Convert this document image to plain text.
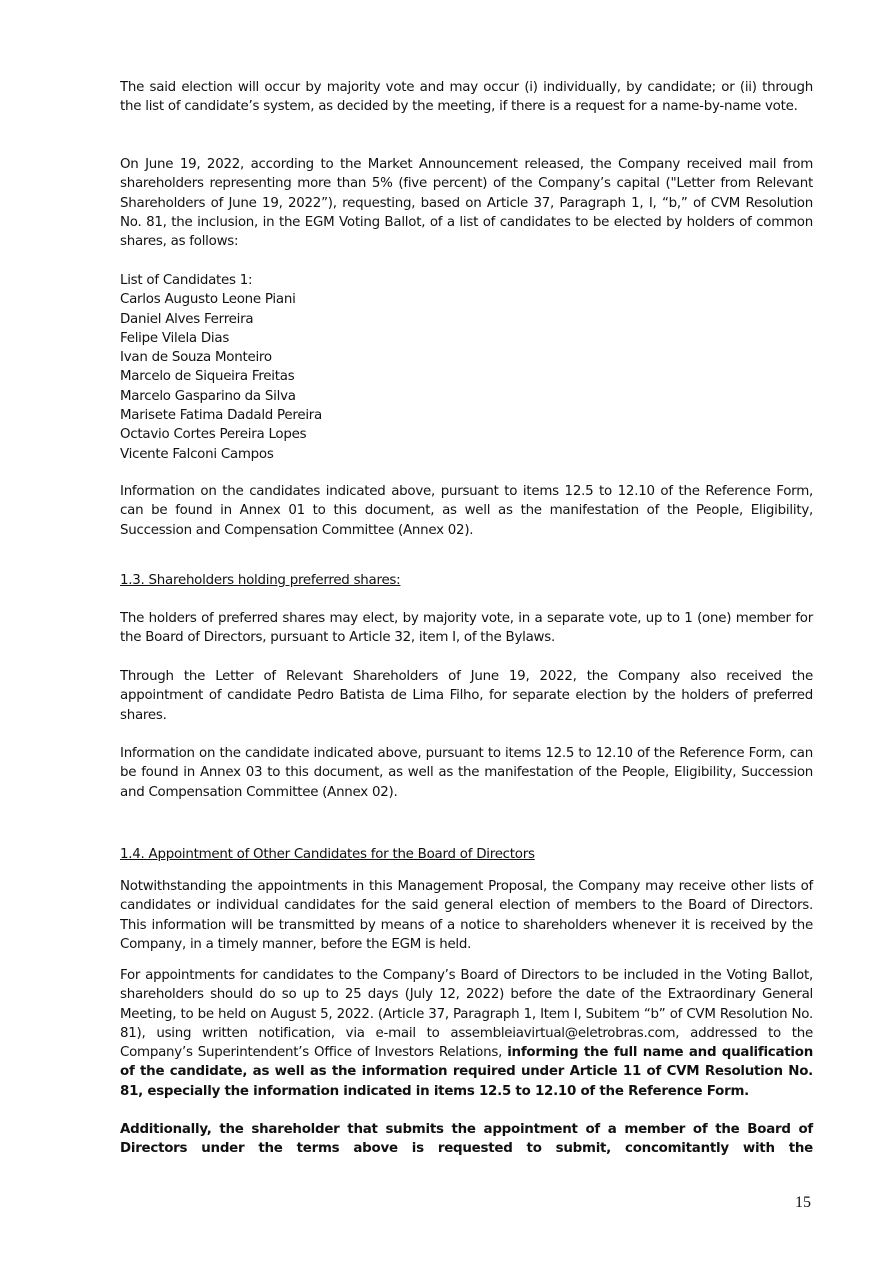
The said election will occur by majority vote and may occur (i) individually, by candidate; or (ii) through the list of candidate’s system, as decided by the meeting, if there is a request for a name-by-name vote.

On June 19, 2022, according to the Market Announcement released, the Company received mail from shareholders representing more than 5% (five percent) of the Company’s capital ("Letter from Relevant Shareholders of June 19, 2022”), requesting, based on Article 37, Paragraph 1, I, “b,” of CVM Resolution No. 81, the inclusion, in the EGM Voting Ballot, of a list of candidates to be elected by holders of common shares, as follows:

List of Candidates 1:

Carlos Augusto Leone Piani

Daniel Alves Ferreira

Felipe Vilela Dias

Ivan de Souza Monteiro

Marcelo de Siqueira Freitas

Marcelo Gasparino da Silva

Marisete Fatima Dadald Pereira

Octavio Cortes Pereira Lopes

Vicente Falconi Campos

Information on the candidates indicated above, pursuant to items 12.5 to 12.10 of the Reference Form, can be found in Annex 01 to this document, as well as the manifestation of the People, Eligibility, Succession and Compensation Committee (Annex 02).

1.3. Shareholders holding preferred shares:

The holders of preferred shares may elect, by majority vote, in a separate vote, up to 1 (one) member for the Board of Directors, pursuant to Article 32, item I, of the Bylaws.

Through the Letter of Relevant Shareholders of June 19, 2022, the Company also received the appointment of candidate Pedro Batista de Lima Filho, for separate election by the holders of preferred shares.

Information on the candidate indicated above, pursuant to items 12.5 to 12.10 of the Reference Form, can be found in Annex 03 to this document, as well as the manifestation of the People, Eligibility, Succession and Compensation Committee (Annex 02).

1.4. Appointment of Other Candidates for the Board of Directors

Notwithstanding the appointments in this Management Proposal, the Company may receive other lists of candidates or individual candidates for the said general election of members to the Board of Directors. This information will be transmitted by means of a notice to shareholders whenever it is received by the Company, in a timely manner, before the EGM is held.

For appointments for candidates to the Company’s Board of Directors to be included in the Voting Ballot, shareholders should do so up to 25 days (July 12, 2022) before the date of the Extraordinary General Meeting, to be held on August 5, 2022. (Article 37, Paragraph 1, Item I, Subitem “b” of CVM Resolution No. 81), using written notification, via e-mail to assembleiavirtual@eletrobras.com, addressed to the Company’s Superintendent’s Office of Investors Relations, informing the full name and qualification of the candidate, as well as the information required under Article 11 of CVM Resolution No. 81, especially the information indicated in items 12.5 to 12.10 of the Reference Form.

Additionally, the shareholder that submits the appointment of a member of the Board of Directors under the terms above is requested to submit, concomitantly with the

15
